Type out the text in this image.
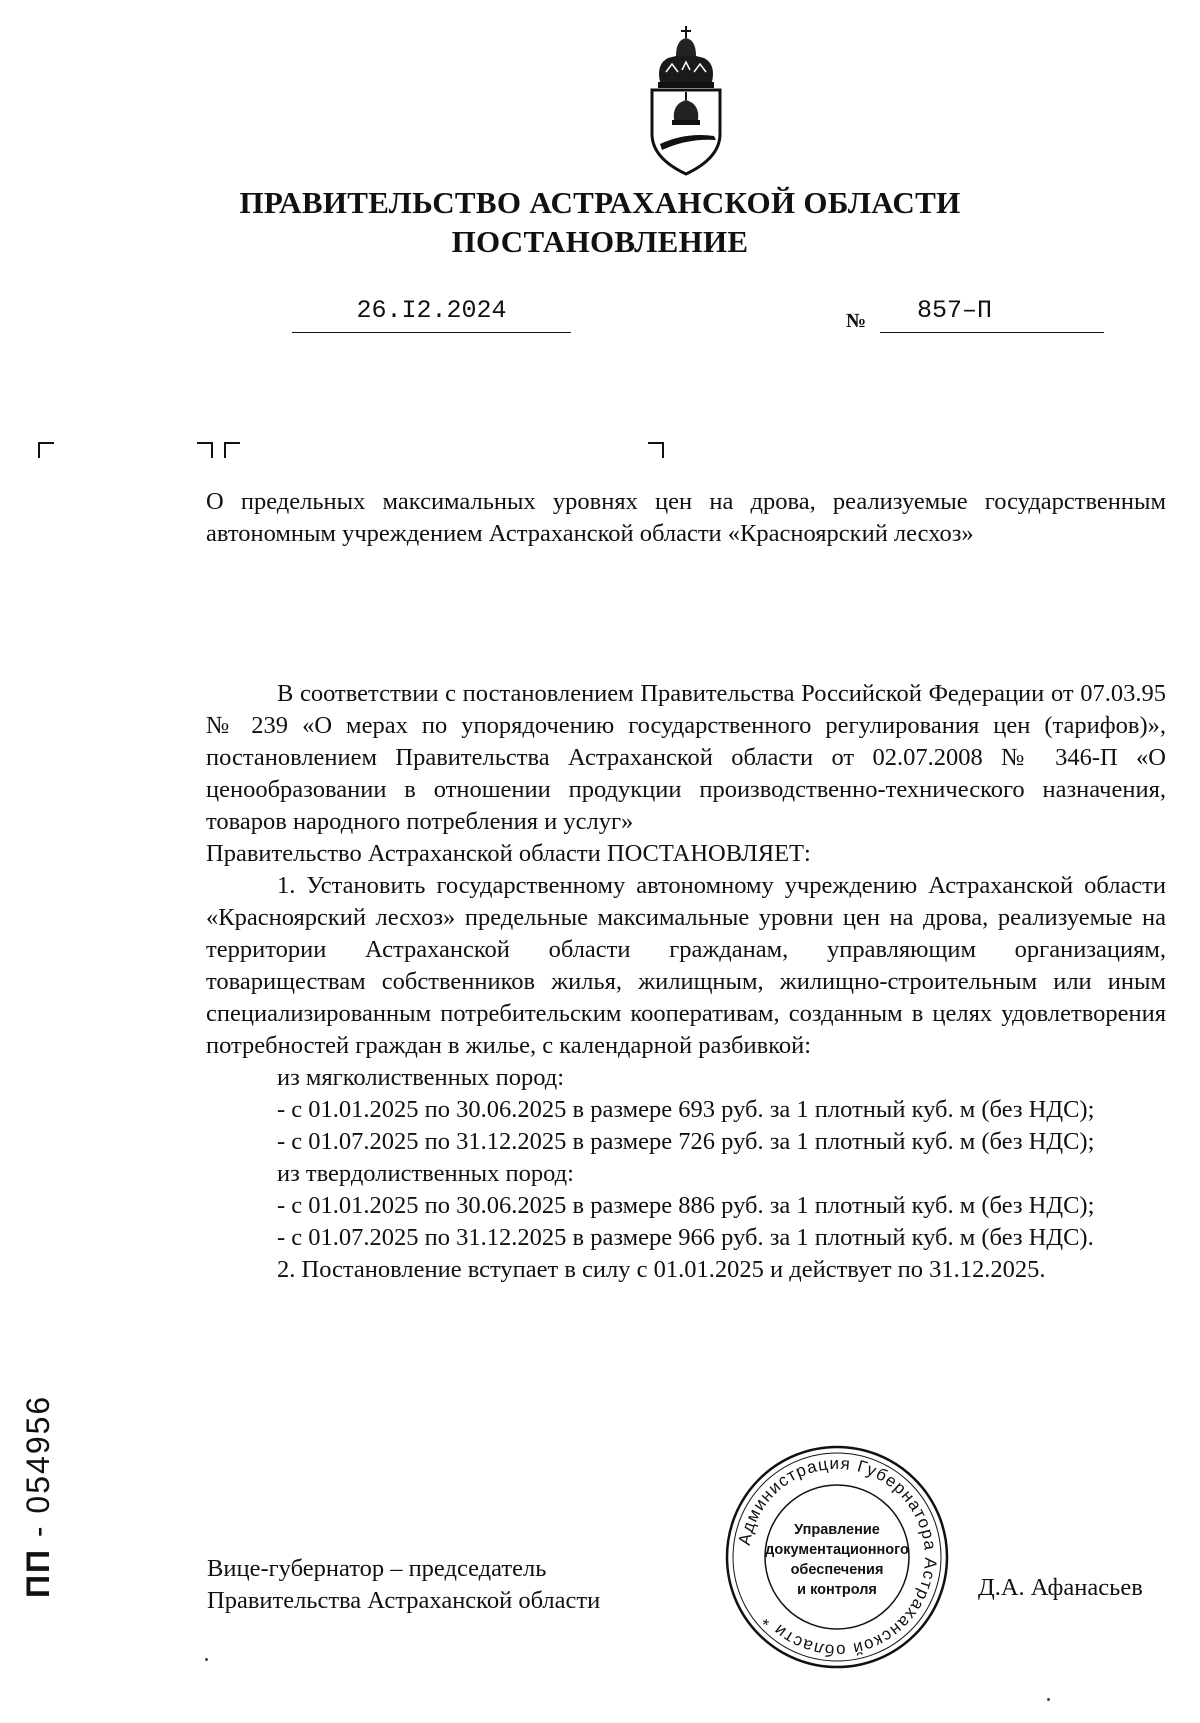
ПРАВИТЕЛЬСТВО АСТРАХАНСКОЙ ОБЛАСТИ
ПОСТАНОВЛЕНИЕ
26.I2.2024	№	857–П
О предельных максимальных уровнях цен на дрова, реализуемые государственным автономным учреждением Астраханской области «Красноярский лесхоз»

В соответствии с постановлением Правительства Российской Федерации от 07.03.95 № 239 «О мерах по упорядочению государственного регулирования цен (тарифов)», постановлением Правительства Астраханской области от 02.07.2008 № 346-П «О ценообразовании в отношении продукции производственно-технического назначения, товаров народного потребления и услуг»

Правительство Астраханской области ПОСТАНОВЛЯЕТ:

1. Установить государственному автономному учреждению Астраханской области «Красноярский лесхоз» предельные максимальные уровни цен на дрова, реализуемые на территории Астраханской области гражданам, управляющим организациям, товариществам собственников жилья, жилищным, жилищно-строительным или иным специализированным потребительским кооперативам, созданным в целях удовлетворения потребностей граждан в жилье, с календарной разбивкой:

из мягколиственных пород:

- с 01.01.2025 по 30.06.2025 в размере 693 руб. за 1 плотный куб. м (без НДС);

- с 01.07.2025 по 31.12.2025 в размере 726 руб. за 1 плотный куб. м (без НДС);

из твердолиственных пород:

- с 01.01.2025 по 30.06.2025 в размере 886 руб. за 1 плотный куб. м (без НДС);

- с 01.07.2025 по 31.12.2025 в размере 966 руб. за 1 плотный куб. м (без НДС).

2. Постановление вступает в силу с 01.01.2025 и действует по 31.12.2025.

Вице-губернатор – председатель
Правительства Астраханской области	Д.А. Афанасьев
Администрация Губернатора Астраханской области *
Управление
документационного
обеспечения
и контроля
ПП - 054956
